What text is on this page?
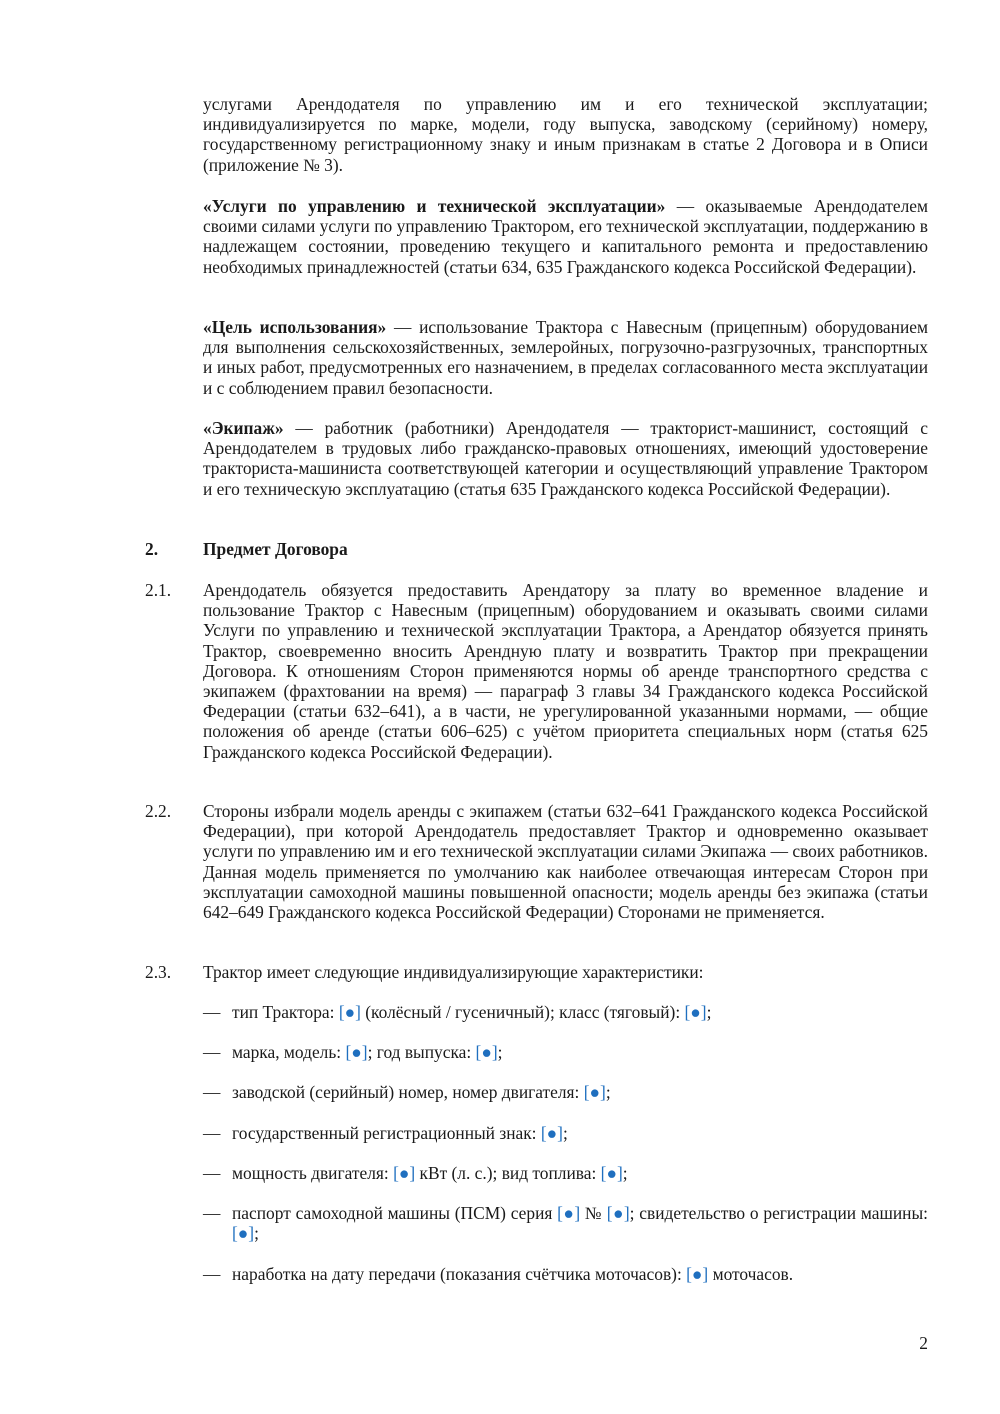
услугами Арендодателя по управлению им и его технической эксплуатации; индивидуализируется по марке, модели, году выпуска, заводскому (серийному) номеру, государственному регистрационному знаку и иным признакам в статье 2 Договора и в Описи (приложение № 3).
«Услуги по управлению и технической эксплуатации» — оказываемые Арендодателем своими силами услуги по управлению Трактором, его технической эксплуатации, поддержанию в надлежащем состоянии, проведению текущего и капитального ремонта и предоставлению необходимых принадлежностей (статьи 634, 635 Гражданского кодекса Российской Федерации).
«Цель использования» — использование Трактора с Навесным (прицепным) оборудованием для выполнения сельскохозяйственных, землеройных, погрузочно-разгрузочных, транспортных и иных работ, предусмотренных его назначением, в пределах согласованного места эксплуатации и с соблюдением правил безопасности.
«Экипаж» — работник (работники) Арендодателя — тракторист-машинист, состоящий с Арендодателем в трудовых либо гражданско-правовых отношениях, имеющий удостоверение тракториста-машиниста соответствующей категории и осуществляющий управление Трактором и его техническую эксплуатацию (статья 635 Гражданского кодекса Российской Федерации).
2.	Предмет Договора
2.1. Арендодатель обязуется предоставить Арендатору за плату во временное владение и пользование Трактор с Навесным (прицепным) оборудованием и оказывать своими силами Услуги по управлению и технической эксплуатации Трактора, а Арендатор обязуется принять Трактор, своевременно вносить Арендную плату и возвратить Трактор при прекращении Договора. К отношениям Сторон применяются нормы об аренде транспортного средства с экипажем (фрахтовании на время) — параграф 3 главы 34 Гражданского кодекса Российской Федерации (статьи 632–641), а в части, не урегулированной указанными нормами, — общие положения об аренде (статьи 606–625) с учётом приоритета специальных норм (статья 625 Гражданского кодекса Российской Федерации).
2.2. Стороны избрали модель аренды с экипажем (статьи 632–641 Гражданского кодекса Российской Федерации), при которой Арендодатель предоставляет Трактор и одновременно оказывает услуги по управлению им и его технической эксплуатации силами Экипажа — своих работников. Данная модель применяется по умолчанию как наиболее отвечающая интересам Сторон при эксплуатации самоходной машины повышенной опасности; модель аренды без экипажа (статьи 642–649 Гражданского кодекса Российской Федерации) Сторонами не применяется.
2.3. Трактор имеет следующие индивидуализирующие характеристики:
— тип Трактора: [●] (колёсный / гусеничный); класс (тяговый): [●];
— марка, модель: [●]; год выпуска: [●];
— заводской (серийный) номер, номер двигателя: [●];
— государственный регистрационный знак: [●];
— мощность двигателя: [●] кВт (л. с.); вид топлива: [●];
— паспорт самоходной машины (ПСМ) серия [●] № [●]; свидетельство о регистрации машины: [●];
— наработка на дату передачи (показания счётчика моточасов): [●] моточасов.
2
